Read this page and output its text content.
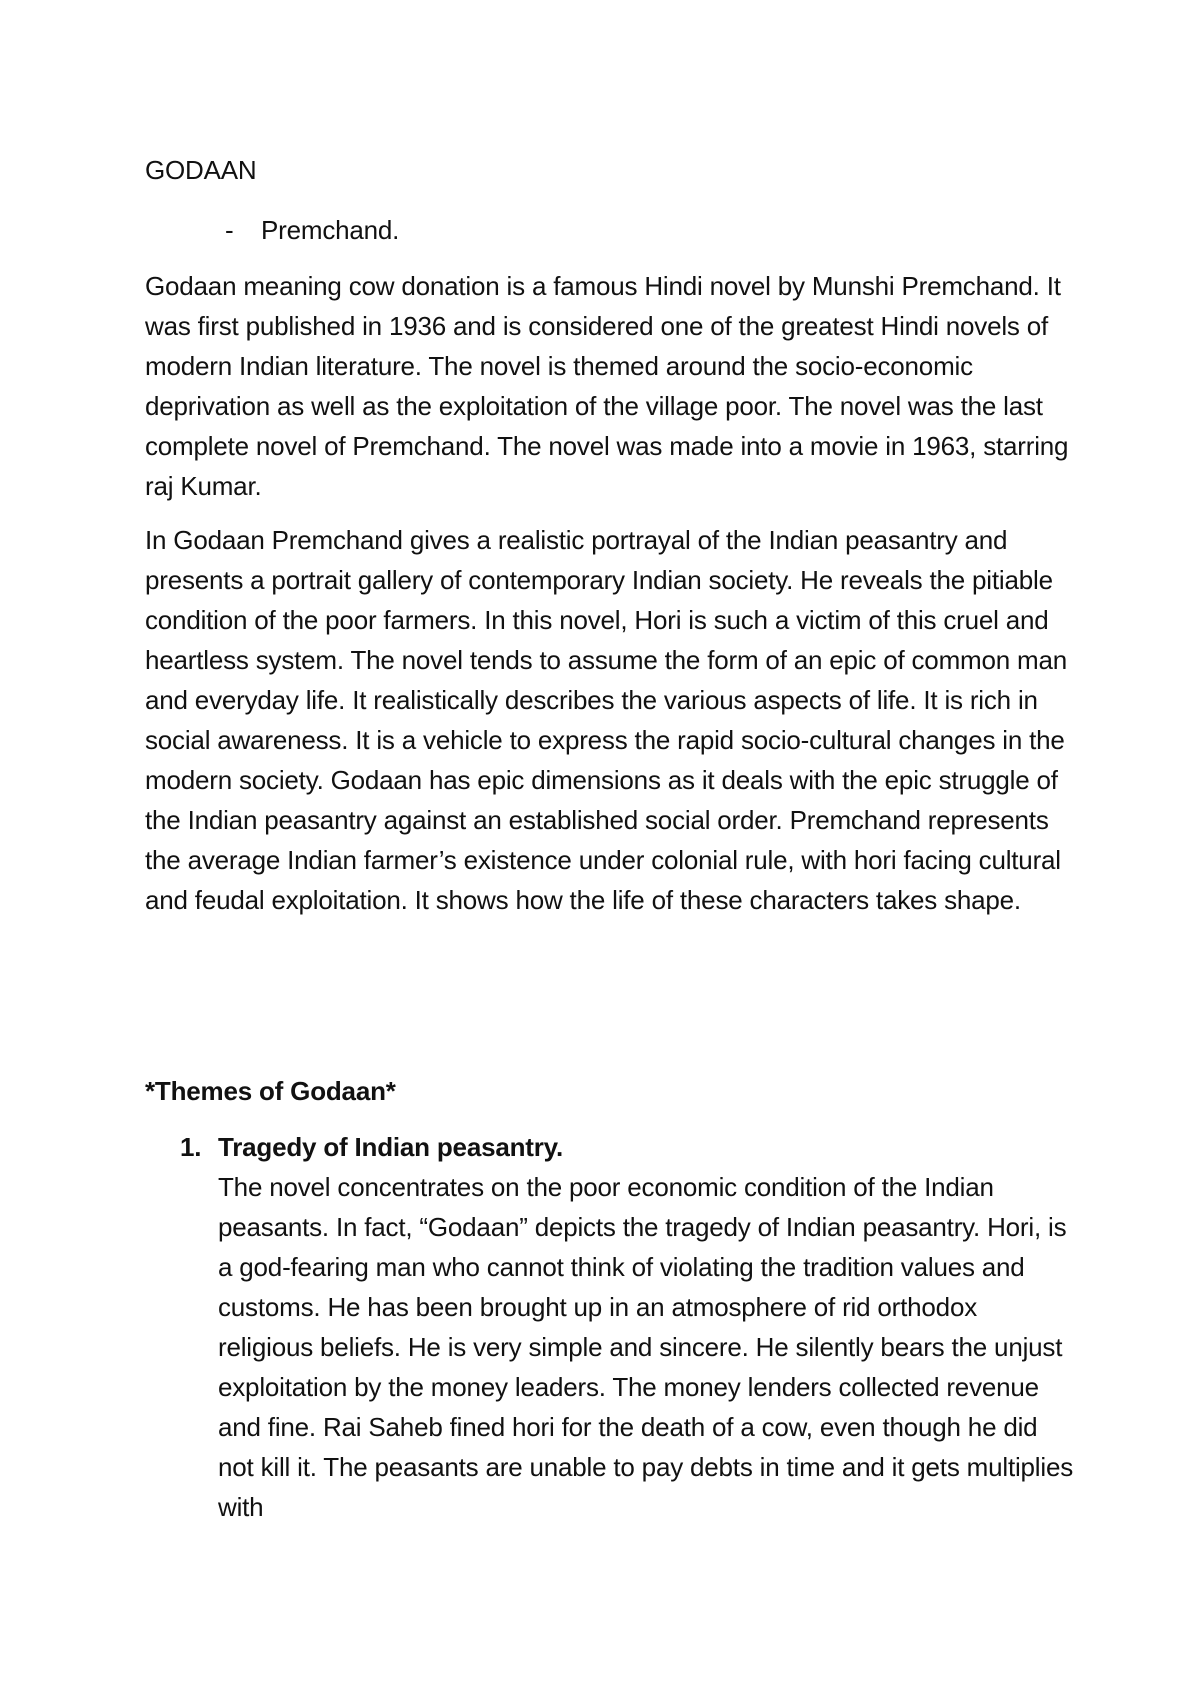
GODAAN

- Premchand.

Godaan meaning cow donation is a famous Hindi novel by Munshi Premchand. It was first published in 1936 and is considered one of the greatest Hindi novels of modern Indian literature. The novel is themed around the socio-economic deprivation as well as the exploitation of the village poor. The novel was the last complete novel of Premchand. The novel was made into a movie in 1963, starring raj Kumar.

In Godaan Premchand gives a realistic portrayal of the Indian peasantry and presents a portrait gallery of contemporary Indian society. He reveals the pitiable condition of the poor farmers. In this novel, Hori is such a victim of this cruel and heartless system. The novel tends to assume the form of an epic of common man and everyday life. It realistically describes the various aspects of life. It is rich in social awareness. It is a vehicle to express the rapid socio-cultural changes in the modern society. Godaan has epic dimensions as it deals with the epic struggle of the Indian peasantry against an established social order. Premchand represents the average Indian farmer’s existence under colonial rule, with hori facing cultural and feudal exploitation. It shows how the life of these characters takes shape.

*Themes of Godaan*

1. Tragedy of Indian peasantry.

The novel concentrates on the poor economic condition of the Indian peasants. In fact, “Godaan” depicts the tragedy of Indian peasantry. Hori, is a god-fearing man who cannot think of violating the tradition values and customs. He has been brought up in an atmosphere of rid orthodox religious beliefs. He is very simple and sincere. He silently bears the unjust exploitation by the money leaders. The money lenders collected revenue and fine. Rai Saheb fined hori for the death of a cow, even though he did not kill it. The peasants are unable to pay debts in time and it gets multiplies with
